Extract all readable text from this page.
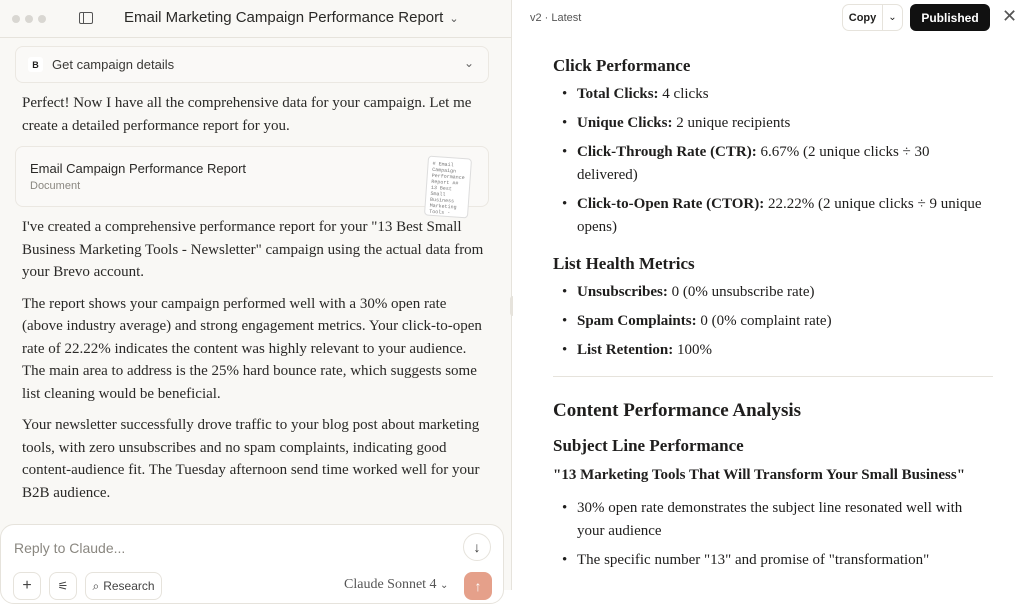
Email Marketing Campaign Performance Report ⌄
B	Get campaign details	⌄
Perfect! Now I have all the comprehensive data for your campaign. Let me create a detailed performance report for you.
Email Campaign Performance Report
Document
# Email Campaign Performance Report ## 13 Best Small Business Marketing Tools -
I've created a comprehensive performance report for your "13 Best Small Business Marketing Tools - Newsletter" campaign using the actual data from your Brevo account.
The report shows your campaign performed well with a 30% open rate (above industry average) and strong engagement metrics. Your click-to-open rate of 22.22% indicates the content was highly relevant to your audience. The main area to address is the 25% hard bounce rate, which suggests some list cleaning would be beneficial.
Your newsletter successfully drove traffic to your blog post about marketing tools, with zero unsubscribes and no spam complaints, indicating good content-audience fit. The Tuesday afternoon send time worked well for your B2B audience.
Reply to Claude...	↓
+ ⚟ ⌕ Research	Claude Sonnet 4 ⌄ ↑
v2 · Latest	Copy	⌄	Published	✕
Click Performance
• Total Clicks: 4 clicks
• Unique Clicks: 2 unique recipients
• Click-Through Rate (CTR): 6.67% (2 unique clicks ÷ 30 delivered)
• Click-to-Open Rate (CTOR): 22.22% (2 unique clicks ÷ 9 unique opens)
List Health Metrics
• Unsubscribes: 0 (0% unsubscribe rate)
• Spam Complaints: 0 (0% complaint rate)
• List Retention: 100%
Content Performance Analysis
Subject Line Performance
"13 Marketing Tools That Will Transform Your Small Business"
• 30% open rate demonstrates the subject line resonated well with your audience
• The specific number "13" and promise of "transformation"
